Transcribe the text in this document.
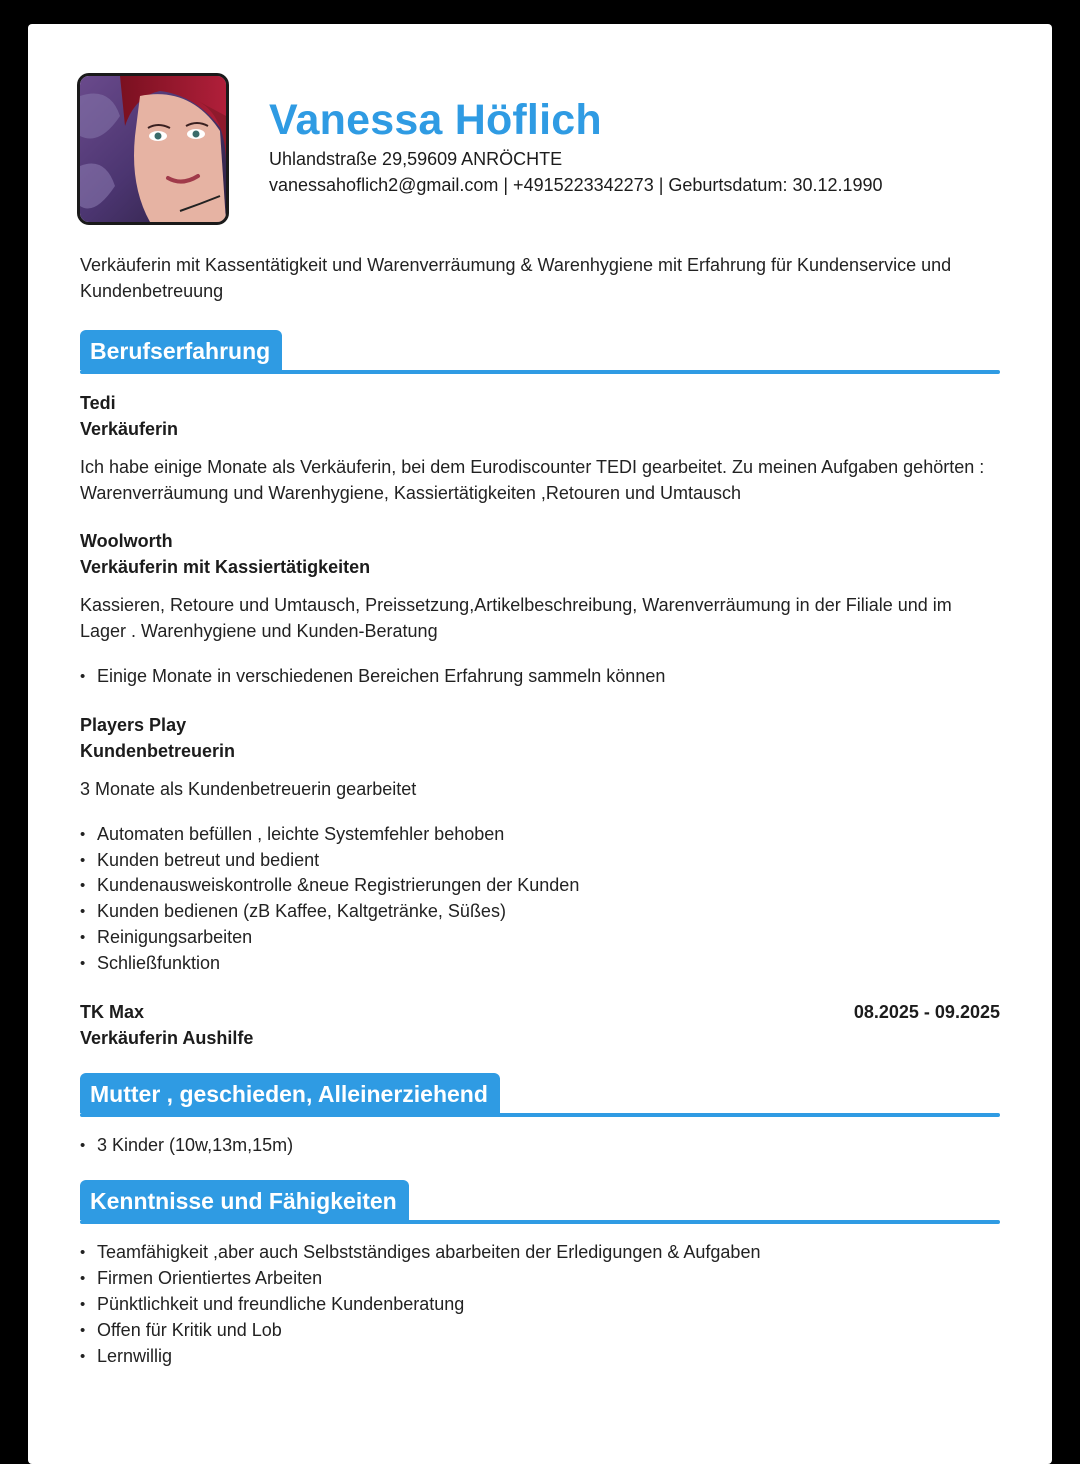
Vanessa Höflich
Uhlandstraße 29,59609 ANRÖCHTE
vanessahoflich2@gmail.com | +4915223342273 | Geburtsdatum: 30.12.1990

Verkäuferin mit Kassentätigkeit und Warenverräumung & Warenhygiene mit Erfahrung für Kundenservice und Kundenbetreuung

Berufserfahrung
Tedi
Verkäuferin

Ich habe einige Monate als Verkäuferin, bei dem Eurodiscounter TEDI gearbeitet. Zu meinen Aufgaben gehörten : Warenverräumung und Warenhygiene, Kassiertätigkeiten ,Retouren und Umtausch

Woolworth
Verkäuferin mit Kassiertätigkeiten

Kassieren, Retoure und Umtausch, Preissetzung,Artikelbeschreibung, Warenverräumung in der Filiale und im Lager . Warenhygiene und Kunden-Beratung

• Einige Monate in verschiedenen Bereichen Erfahrung sammeln können
Players Play
Kundenbetreuerin

3 Monate als Kundenbetreuerin gearbeitet

• Automaten befüllen , leichte Systemfehler behoben
• Kunden betreut und bedient
• Kundenausweiskontrolle &neue Registrierungen der Kunden
• Kunden bedienen (zB Kaffee, Kaltgetränke, Süßes)
• Reinigungsarbeiten
• Schließfunktion
TK Max	08.2025 - 09.2025
Verkäuferin Aushilfe
Mutter , geschieden, Alleinerziehend
• 3 Kinder (10w,13m,15m)
Kenntnisse und Fähigkeiten
• Teamfähigkeit ,aber auch Selbstständiges abarbeiten der Erledigungen & Aufgaben
• Firmen Orientiertes Arbeiten
• Pünktlichkeit und freundliche Kundenberatung
• Offen für Kritik und Lob
• Lernwillig
